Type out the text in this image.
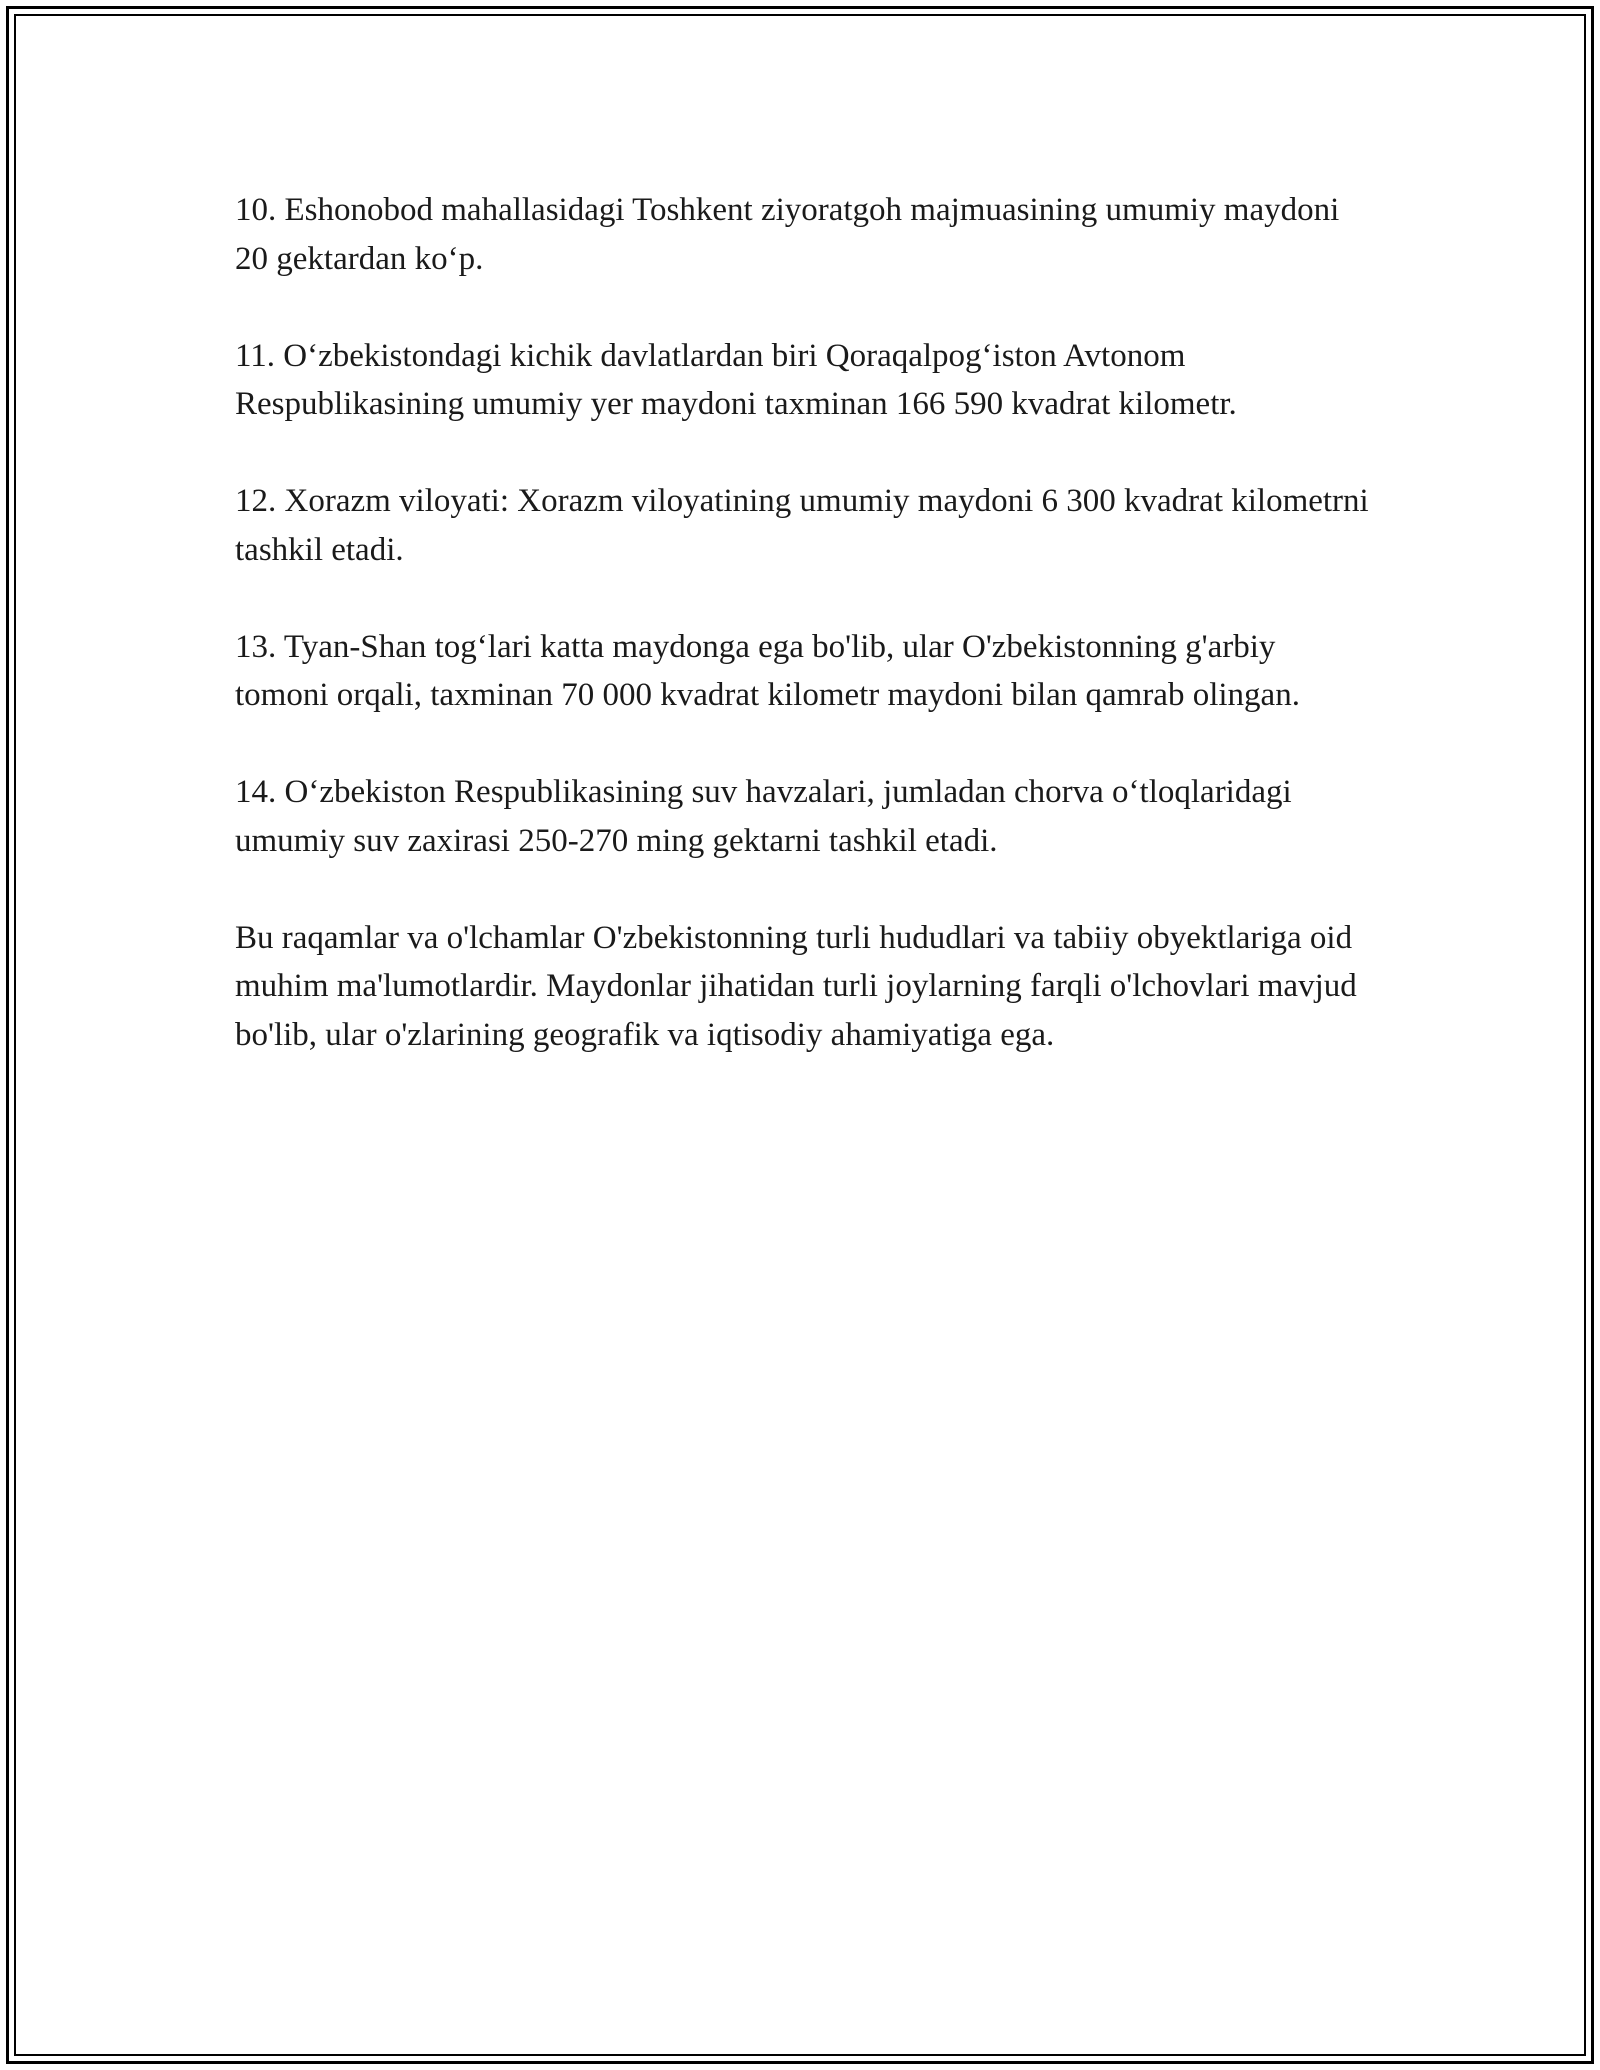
10. Eshonobod mahallasidagi Toshkent ziyoratgoh majmuasining umumiy maydoni 20 gektardan ko‘p.

11. O‘zbekistondagi kichik davlatlardan biri Qoraqalpog‘iston Avtonom Respublikasining umumiy yer maydoni taxminan 166 590 kvadrat kilometr.

12. Xorazm viloyati: Xorazm viloyatining umumiy maydoni 6 300 kvadrat kilometrni tashkil etadi.

13. Tyan-Shan tog‘lari katta maydonga ega bo'lib, ular O'zbekistonning g'arbiy tomoni orqali, taxminan 70 000 kvadrat kilometr maydoni bilan qamrab olingan.

14. O‘zbekiston Respublikasining suv havzalari, jumladan chorva o‘tloqlaridagi umumiy suv zaxirasi 250-270 ming gektarni tashkil etadi.

Bu raqamlar va o'lchamlar O'zbekistonning turli hududlari va tabiiy obyektlariga oid muhim ma'lumotlardir. Maydonlar jihatidan turli joylarning farqli o'lchovlari mavjud bo'lib, ular o'zlarining geografik va iqtisodiy ahamiyatiga ega.
